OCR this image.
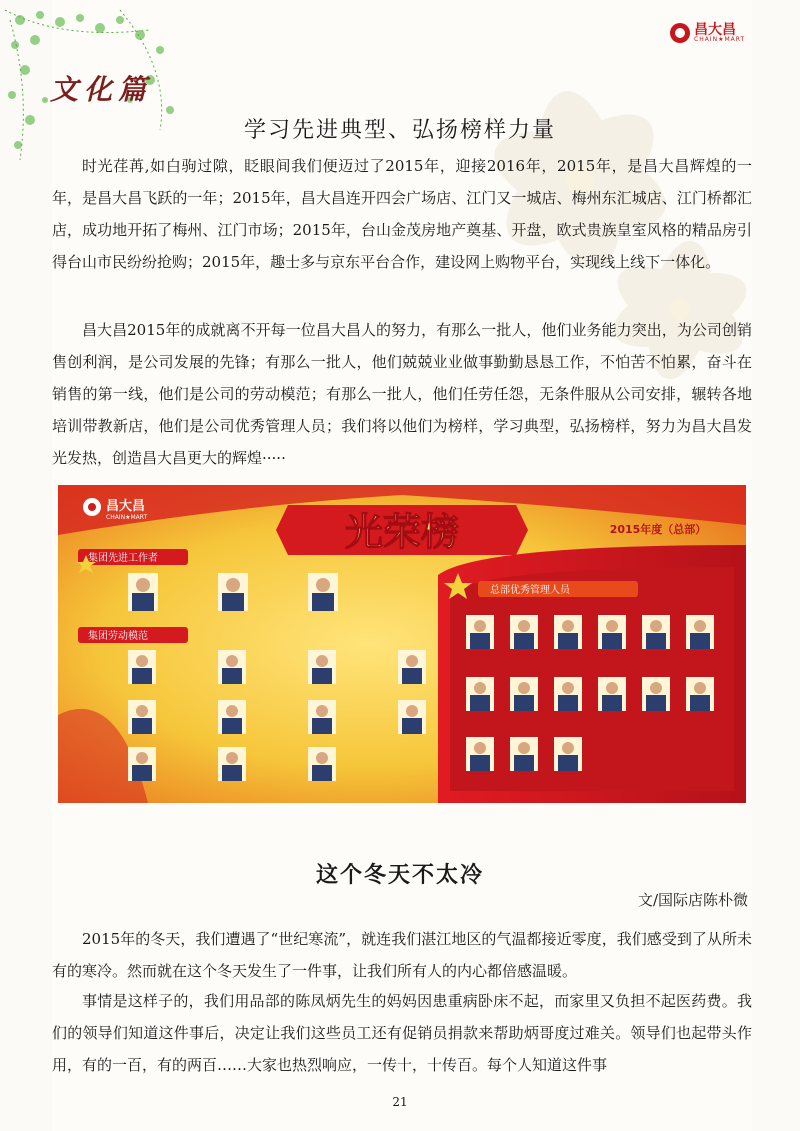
文化篇
昌大昌
CHAIN★MART
学习先进典型、弘扬榜样力量

时光荏苒,如白驹过隙，眨眼间我们便迈过了2015年，迎接2016年，2015年，是昌大昌辉煌的一年，是昌大昌飞跃的一年；2015年，昌大昌连开四会广场店、江门又一城店、梅州东汇城店、江门桥都汇店，成功地开拓了梅州、江门市场；2015年，台山金茂房地产奠基、开盘，欧式贵族皇室风格的精品房引得台山市民纷纷抢购；2015年，趣士多与京东平台合作，建设网上购物平台，实现线上线下一体化。

昌大昌2015年的成就离不开每一位昌大昌人的努力，有那么一批人，他们业务能力突出，为公司创销售创利润，是公司发展的先锋；有那么一批人，他们兢兢业业做事勤勤恳恳工作，不怕苦不怕累，奋斗在销售的第一线，他们是公司的劳动模范；有那么一批人，他们任劳任怨，无条件服从公司安排，辗转各地培训带教新店，他们是公司优秀管理人员；我们将以他们为榜样，学习典型，弘扬榜样，努力为昌大昌发光发热，创造昌大昌更大的辉煌·····

昌大昌
CHAIN★MART	光荣榜	2015年度（总部）
集团先进工作者
集团劳动模范
总部优秀管理人员
这个冬天不太冷
文/国际店陈朴微

2015年的冬天，我们遭遇了“世纪寒流”，就连我们湛江地区的气温都接近零度，我们感受到了从所未有的寒冷。然而就在这个冬天发生了一件事，让我们所有人的内心都倍感温暖。

事情是这样子的，我们用品部的陈凤炳先生的妈妈因患重病卧床不起，而家里又负担不起医药费。我们的领导们知道这件事后，决定让我们这些员工还有促销员捐款来帮助炳哥度过难关。领导们也起带头作用，有的一百，有的两百……大家也热烈响应，一传十，十传百。每个人知道这件事

21
